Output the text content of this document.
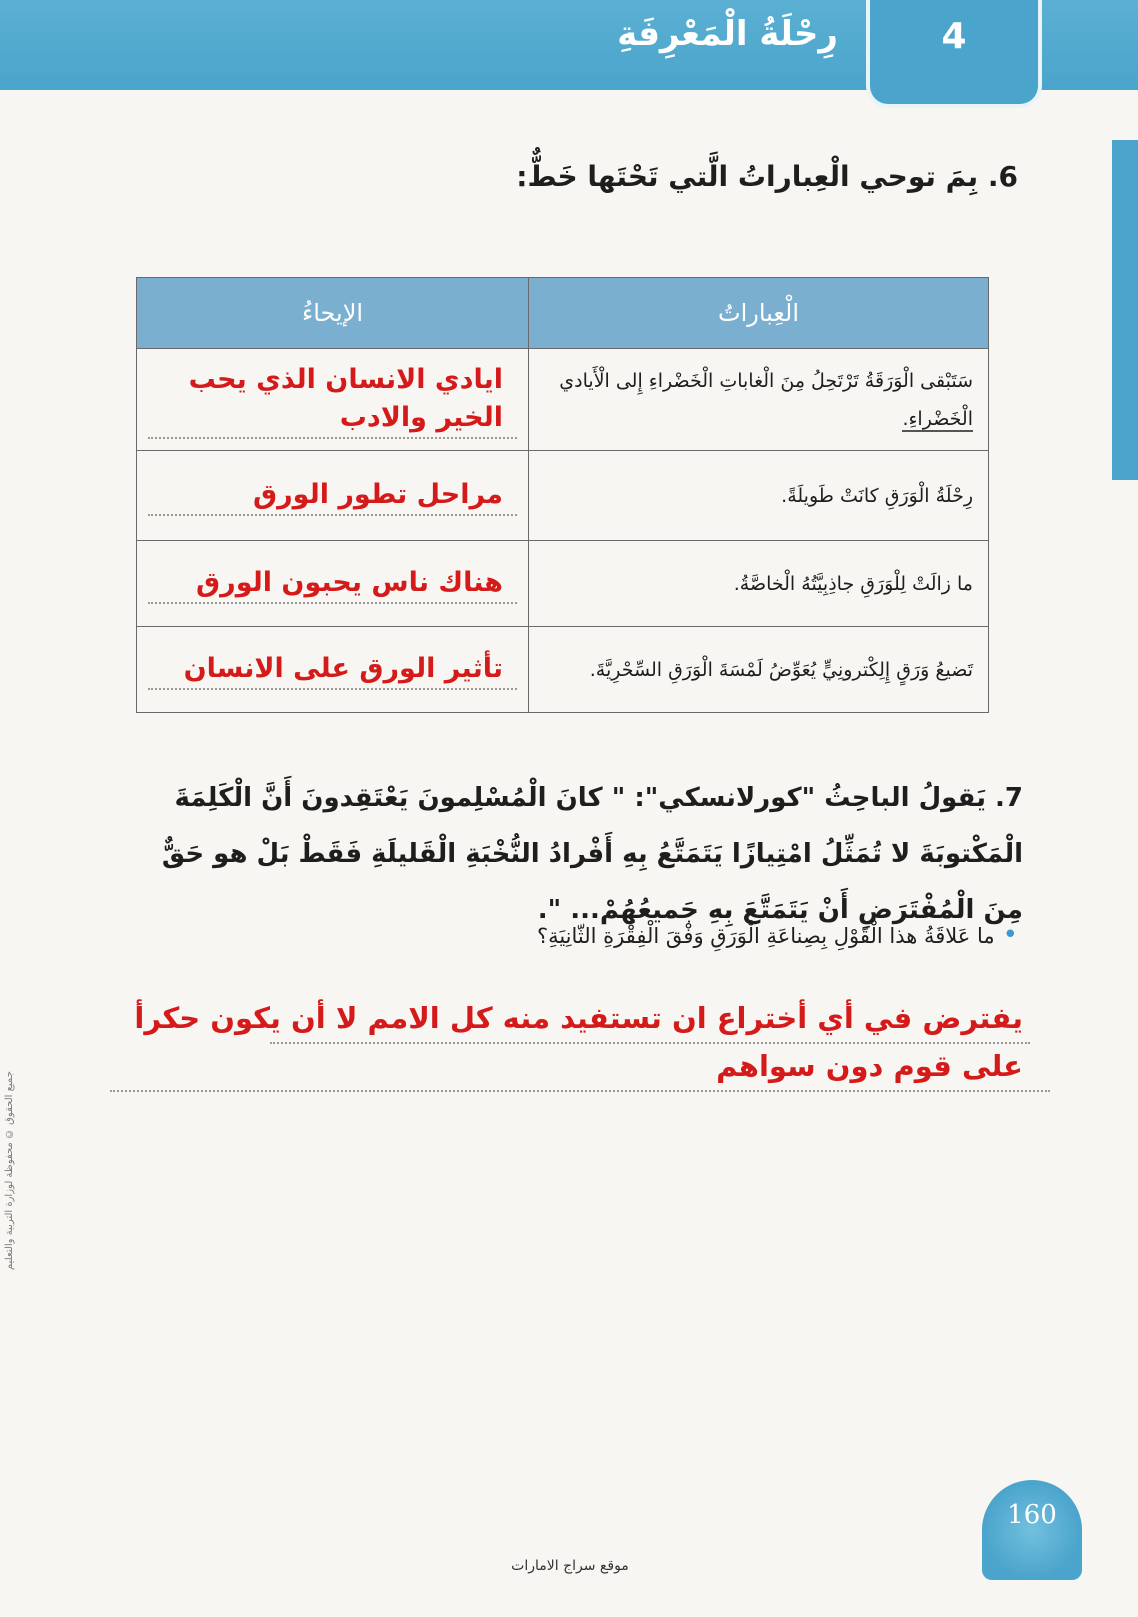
رِحْلَةُ الْمَعْرِفَةِ	4
جميع الحقوق © محفوظة لوزارة التربية والتعليم
6. بِمَ توحي الْعِباراتُ الَّتي تَحْتَها خَطٌّ:
الْعِباراتُ	الإيحاءُ

سَتَبْقى الْوَرَقَةُ تَرْتَحِلُ مِنَ الْغاباتِ الْخَضْراءِ إِلى الْأَيادي
الْخَضْراءِ.	ايادي الانسان الذي يحب الخير والادب

رِحْلَةُ الْوَرَقِ كانَتْ طَويلَةً.	مراحل تطور الورق

ما زالَتْ لِلْوَرَقِ جاذِبِيَّتُهُ الْخاصَّةُ.	هناك ناس يحبون الورق

تَضيعُ وَرَقٍ إِلِكْترونِيٍّ يُعَوِّضُ لَمْسَةَ الْوَرَقِ السِّحْرِيَّةَ.	تأثير الورق على الانسان
7. يَقولُ الباحِثُ "كورلانسكي": " كانَ الْمُسْلِمونَ يَعْتَقِدونَ أَنَّ الْكَلِمَةَ الْمَكْتوبَةَ لا تُمَثِّلُ امْتِيازًا يَتَمَتَّعُ بِهِ أَفْرادُ النُّخْبَةِ الْقَليلَةِ فَقَطْ بَلْ هو حَقٌّ مِنَ الْمُفْتَرَضِ أَنْ يَتَمَتَّعَ بِهِ جَميعُهُمْ... ".
•ما عَلاقَةُ هذا الْقَوْلِ بِصِناعَةِ الْوَرَقِ وَفْقَ الْفِقْرَةِ الثّانِيَةِ؟
يفترض في أي أختراع ان تستفيد منه كل الامم لا أن يكون حكرأ على قوم دون سواهم
160
موقع سراج الامارات
